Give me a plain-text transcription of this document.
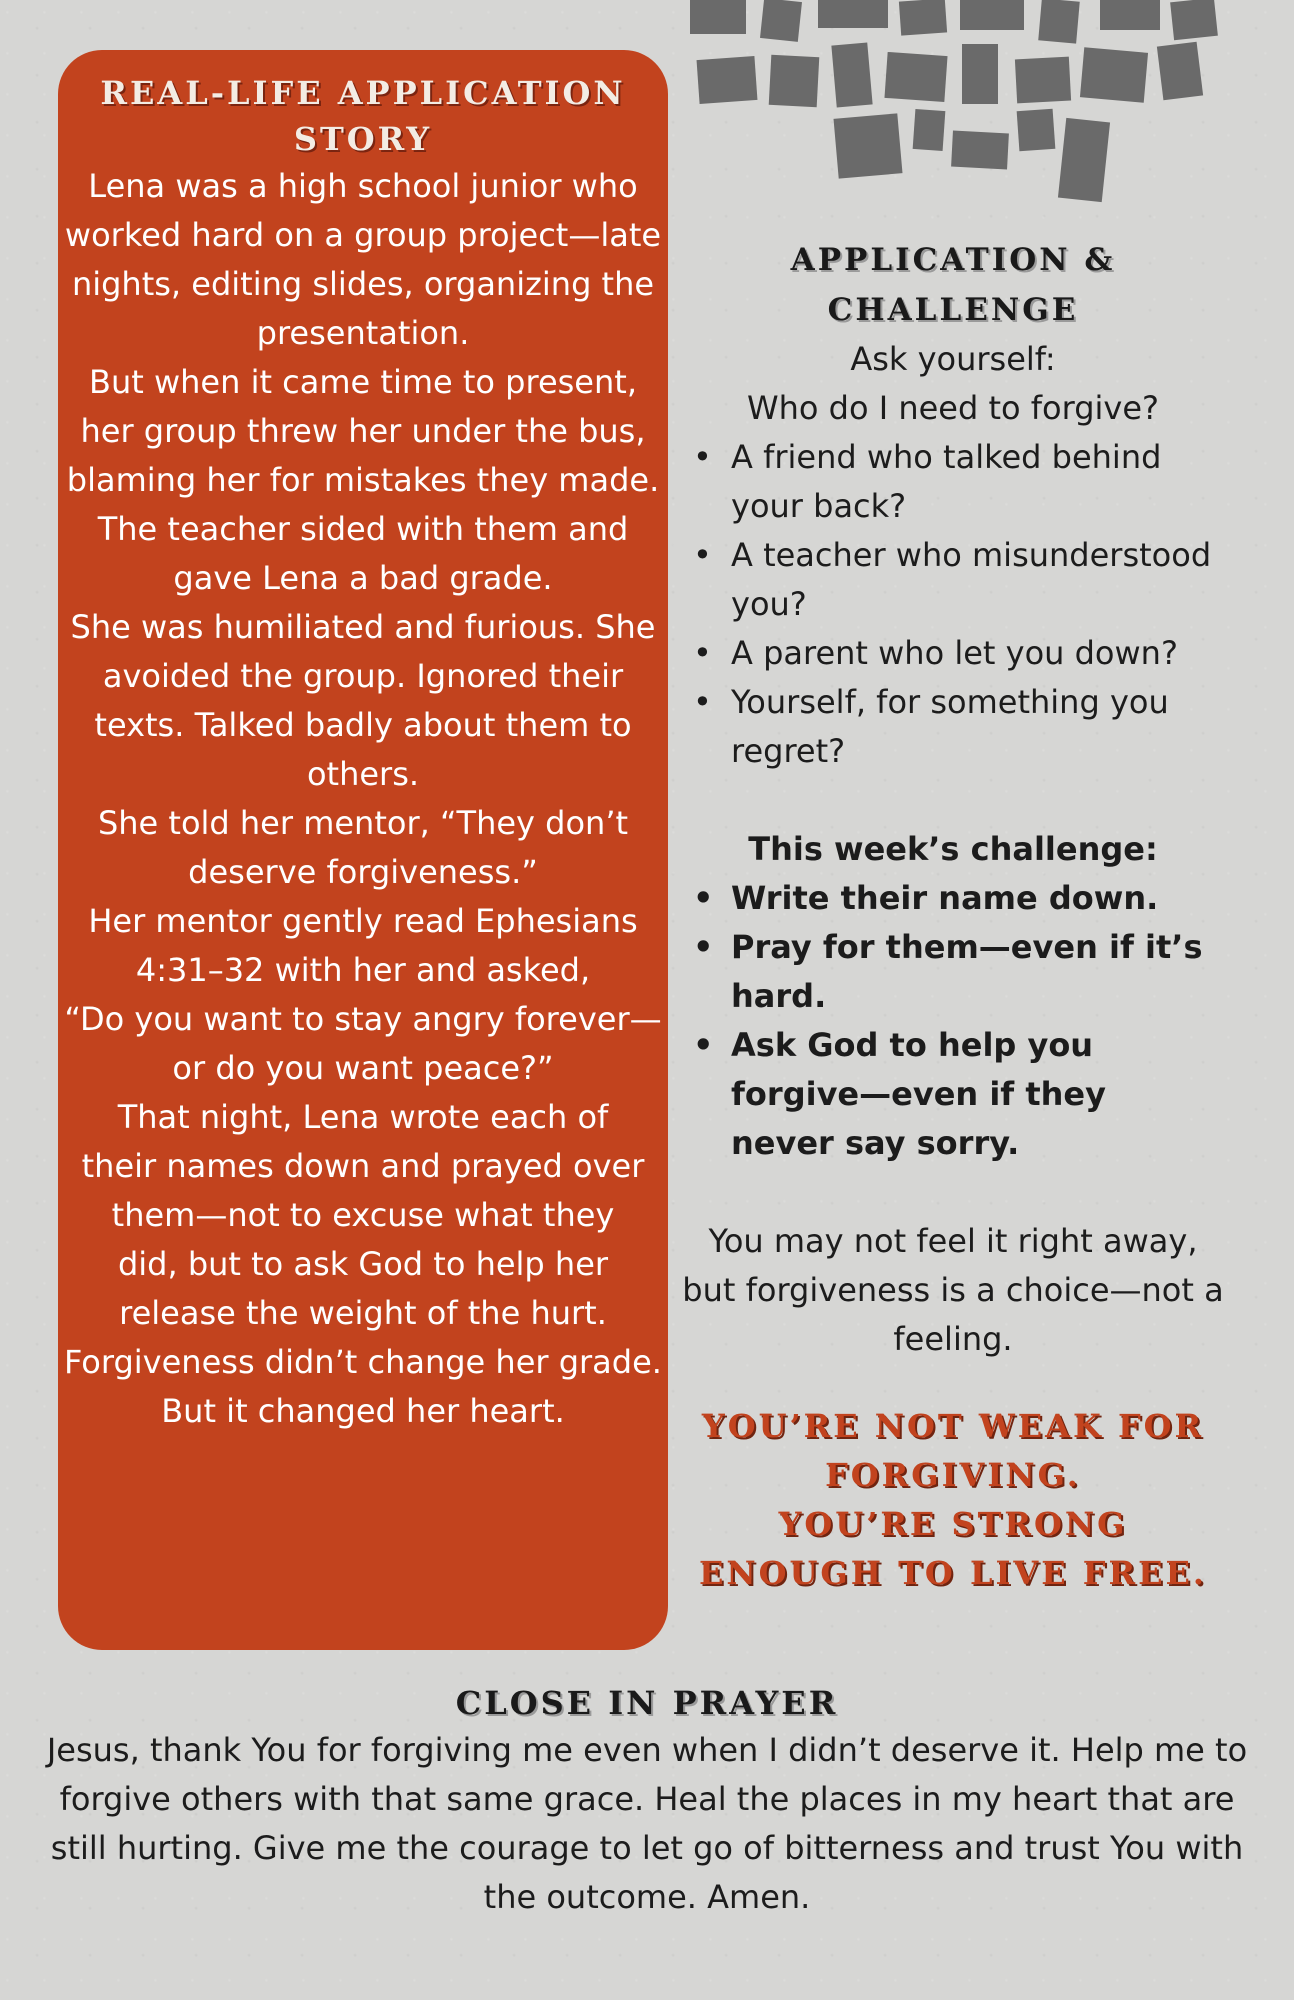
REAL-LIFE APPLICATION
STORY

Lena was a high school junior who worked hard on a group project—late nights, editing slides, organizing the presentation.

But when it came time to present, her group threw her under the bus, blaming her for mistakes they made. The teacher sided with them and gave Lena a bad grade.

She was humiliated and furious. She avoided the group. Ignored their texts. Talked badly about them to others.

She told her mentor, “They don’t deserve forgiveness.”

Her mentor gently read Ephesians 4:31–32 with her and asked,

“Do you want to stay angry forever—or do you want peace?”

That night, Lena wrote each of their names down and prayed over them—not to excuse what they did, but to ask God to help her release the weight of the hurt.

Forgiveness didn’t change her grade. But it changed her heart.

APPLICATION &
CHALLENGE

Ask yourself:

Who do I need to forgive?

• A friend who talked behind your back?
• A teacher who misunderstood you?
• A parent who let you down?
• Yourself, for something you regret?

This week’s challenge:

• Write their name down.
• Pray for them—even if it’s hard.
• Ask God to help you forgive—even if they never say sorry.

You may not feel it right away, but forgiveness is a choice—not a feeling.

YOU’RE NOT WEAK FOR
FORGIVING.
YOU’RE STRONG
ENOUGH TO LIVE FREE.
CLOSE IN PRAYER

Jesus, thank You for forgiving me even when I didn’t deserve it. Help me to forgive others with that same grace. Heal the places in my heart that are still hurting. Give me the courage to let go of bitterness and trust You with the outcome. Amen.
